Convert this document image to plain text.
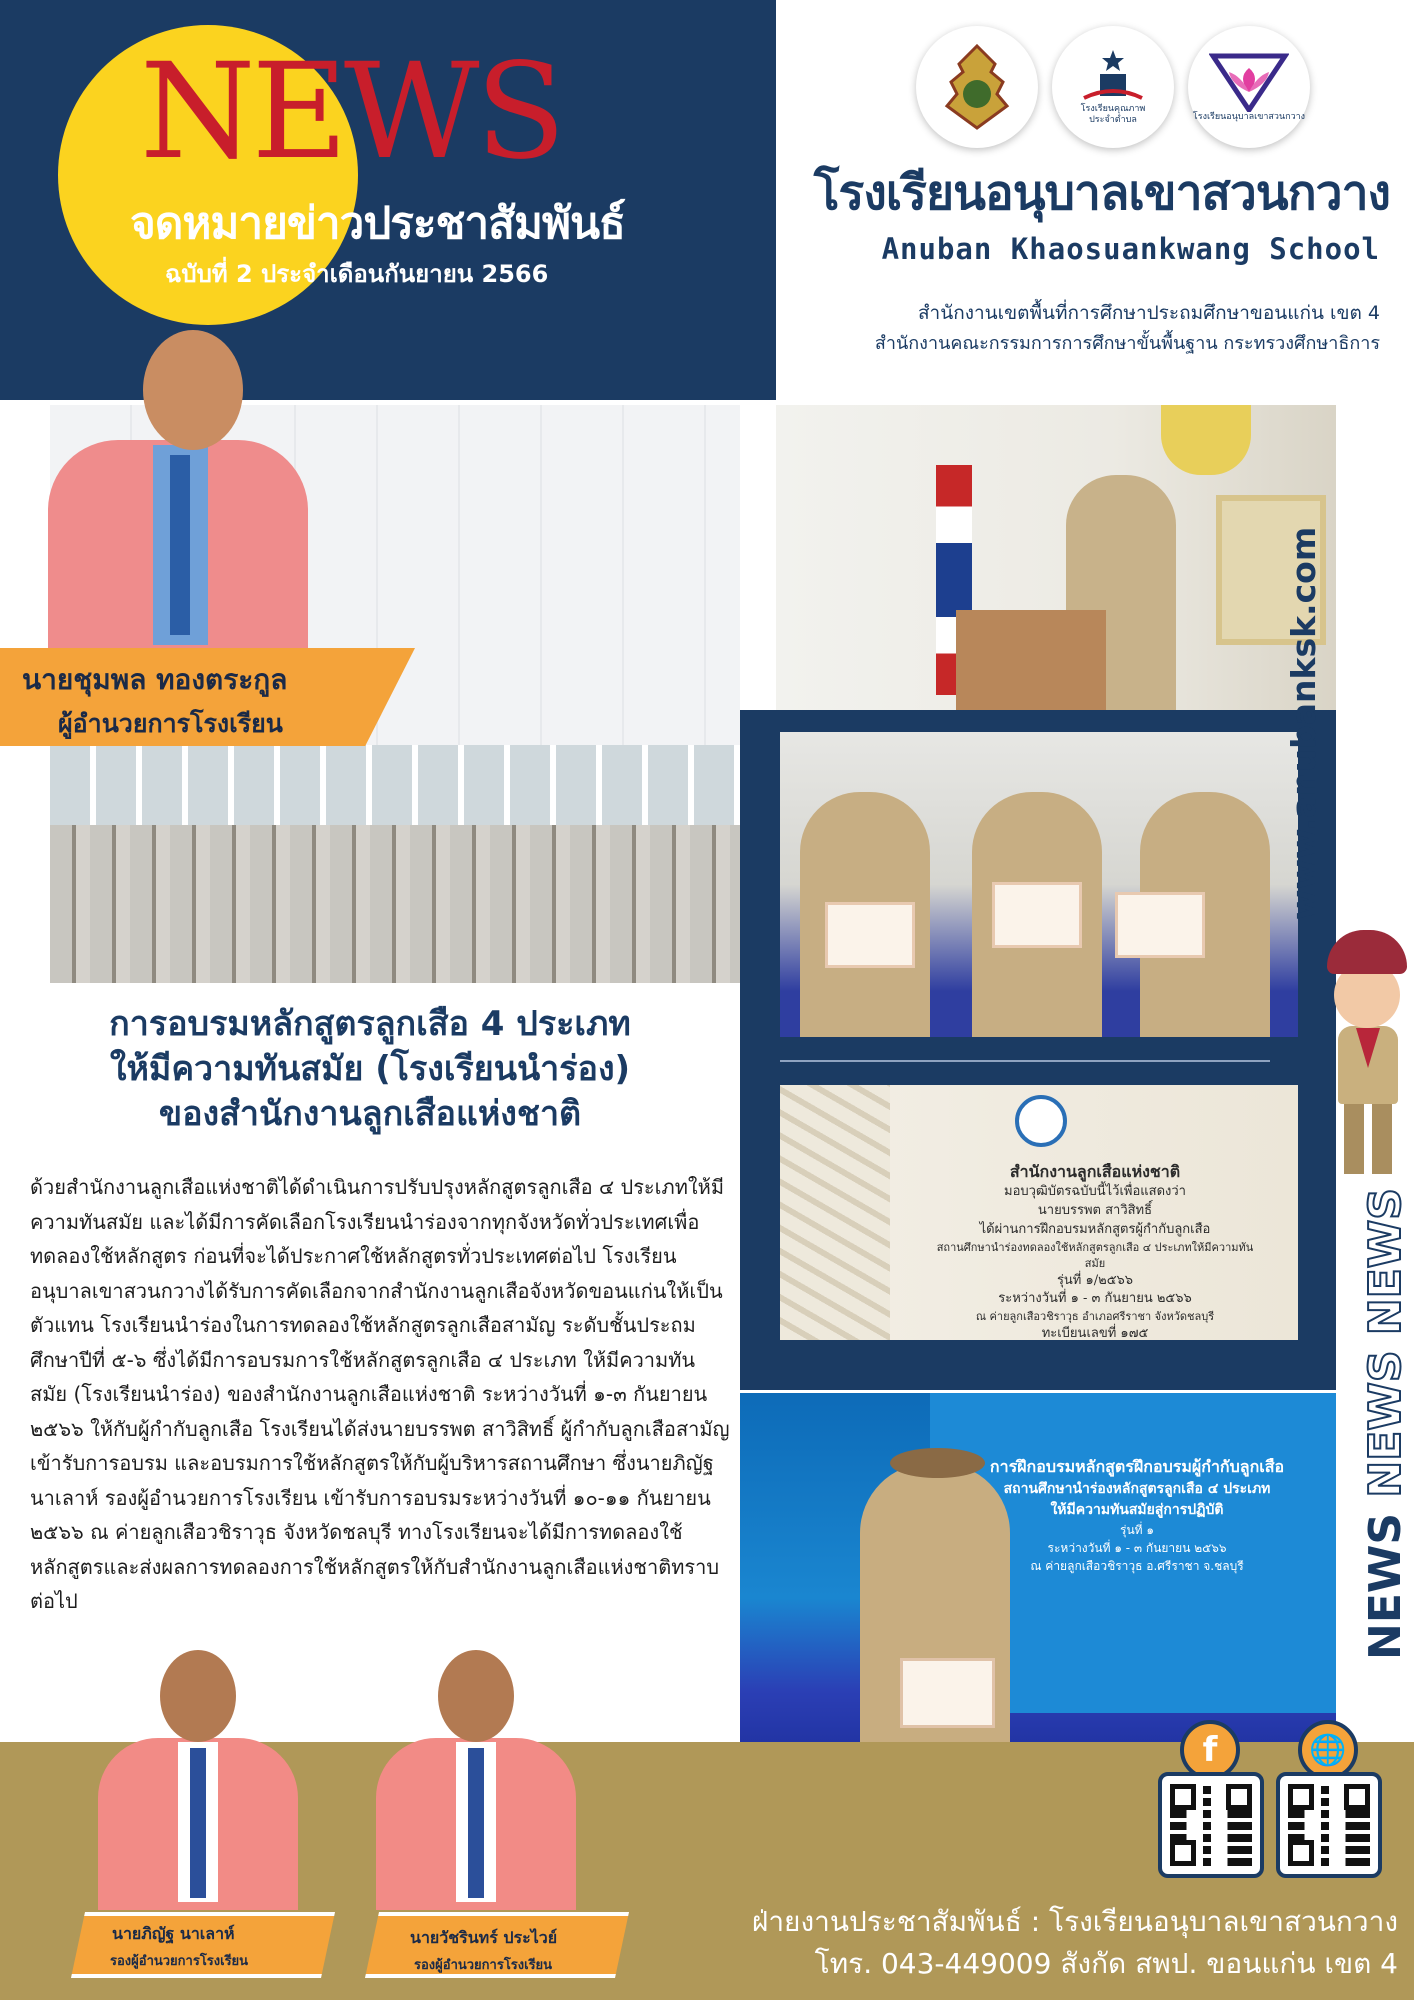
NEWS
จดหมายข่าวประชาสัมพันธ์
ฉบับที่ 2 ประจำเดือนกันยายน 2566
โรงเรียนคุณภาพ
ประจำตำบล	โรงเรียนอนุบาลเขาสวนกวาง
โรงเรียนอนุบาลเขาสวนกวาง
Anuban Khaosuankwang School
สำนักงานเขตพื้นที่การศึกษาประถมศึกษาขอนแก่น เขต 4
สำนักงานคณะกรรมการการศึกษาขั้นพื้นฐาน กระทรวงศึกษาธิการ
สำนักงานลูกเสือแห่งชาติ
มอบวุฒิบัตรฉบับนี้ไว้เพื่อแสดงว่า
นายบรรพต สาวิสิทธิ์
ได้ผ่านการฝึกอบรมหลักสูตรผู้กำกับลูกเสือ
สถานศึกษานำร่องทดลองใช้หลักสูตรลูกเสือ ๔ ประเภทให้มีความทันสมัย
รุ่นที่ ๑/๒๕๖๖
ระหว่างวันที่ ๑ - ๓ กันยายน ๒๕๖๖
ณ ค่ายลูกเสือวชิราวุธ อำเภอศรีราชา จังหวัดชลบุรี
ทะเบียนเลขที่ ๑๗๕
การฝึกอบรมหลักสูตรฝึกอบรมผู้กำกับลูกเสือ
สถานศึกษานำร่องหลักสูตรลูกเสือ ๔ ประเภท
ให้มีความทันสมัยสู่การปฏิบัติ
รุ่นที่ ๑
ระหว่างวันที่ ๑ - ๓ กันยายน ๒๕๖๖
ณ ค่ายลูกเสือวชิราวุธ อ.ศรีราชา จ.ชลบุรี
นายชุมพล ทองตระกูล
ผู้อำนวยการโรงเรียน
การอบรมหลักสูตรลูกเสือ 4 ประเภท
ให้มีความทันสมัย (โรงเรียนนำร่อง)
ของสำนักงานลูกเสือแห่งชาติ
ด้วยสำนักงานลูกเสือแห่งชาติได้ดำเนินการปรับปรุงหลักสูตรลูกเสือ ๔ ประเภทให้มีความทันสมัย และได้มีการคัดเลือกโรงเรียนนำร่องจากทุกจังหวัดทั่วประเทศเพื่อทดลองใช้หลักสูตร ก่อนที่จะได้ประกาศใช้หลักสูตรทั่วประเทศต่อไป โรงเรียนอนุบาลเขาสวนกวางได้รับการคัดเลือกจากสำนักงานลูกเสือจังหวัดขอนแก่นให้เป็นตัวแทน โรงเรียนนำร่องในการทดลองใช้หลักสูตรลูกเสือสามัญ ระดับชั้นประถมศึกษาปีที่ ๕-๖ ซึ่งได้มีการอบรมการใช้หลักสูตรลูกเสือ ๔ ประเภท ให้มีความทันสมัย (โรงเรียนนำร่อง) ของสำนักงานลูกเสือแห่งชาติ ระหว่างวันที่ ๑-๓ กันยายน ๒๕๖๖ ให้กับผู้กำกับลูกเสือ โรงเรียนได้ส่งนายบรรพต สาวิสิทธิ์ ผู้กำกับลูกเสือสามัญเข้ารับการอบรม และอบรมการใช้หลักสูตรให้กับผู้บริหารสถานศึกษา ซึ่งนายภิญัฐ นาเลาห์ รองผู้อำนวยการโรงเรียน เข้ารับการอบรมระหว่างวันที่ ๑๐-๑๑ กันยายน ๒๕๖๖ ณ ค่ายลูกเสือวชิราวุธ จังหวัดชลบุรี ทางโรงเรียนจะได้มีการทดลองใช้หลักสูตรและส่งผลการทดลองการใช้หลักสูตรให้กับสำนักงานลูกเสือแห่งชาติทราบต่อไป
www.anubanksk.com
NEWS NEWS NEWS
นายภิญัฐ นาเลาห์
รองผู้อำนวยการโรงเรียน
นายวัชรินทร์ ประไวย์
รองผู้อำนวยการโรงเรียน
f	🌐
ฝ่ายงานประชาสัมพันธ์ : โรงเรียนอนุบาลเขาสวนกวาง
โทร. 043-449009 สังกัด สพป. ขอนแก่น เขต 4
